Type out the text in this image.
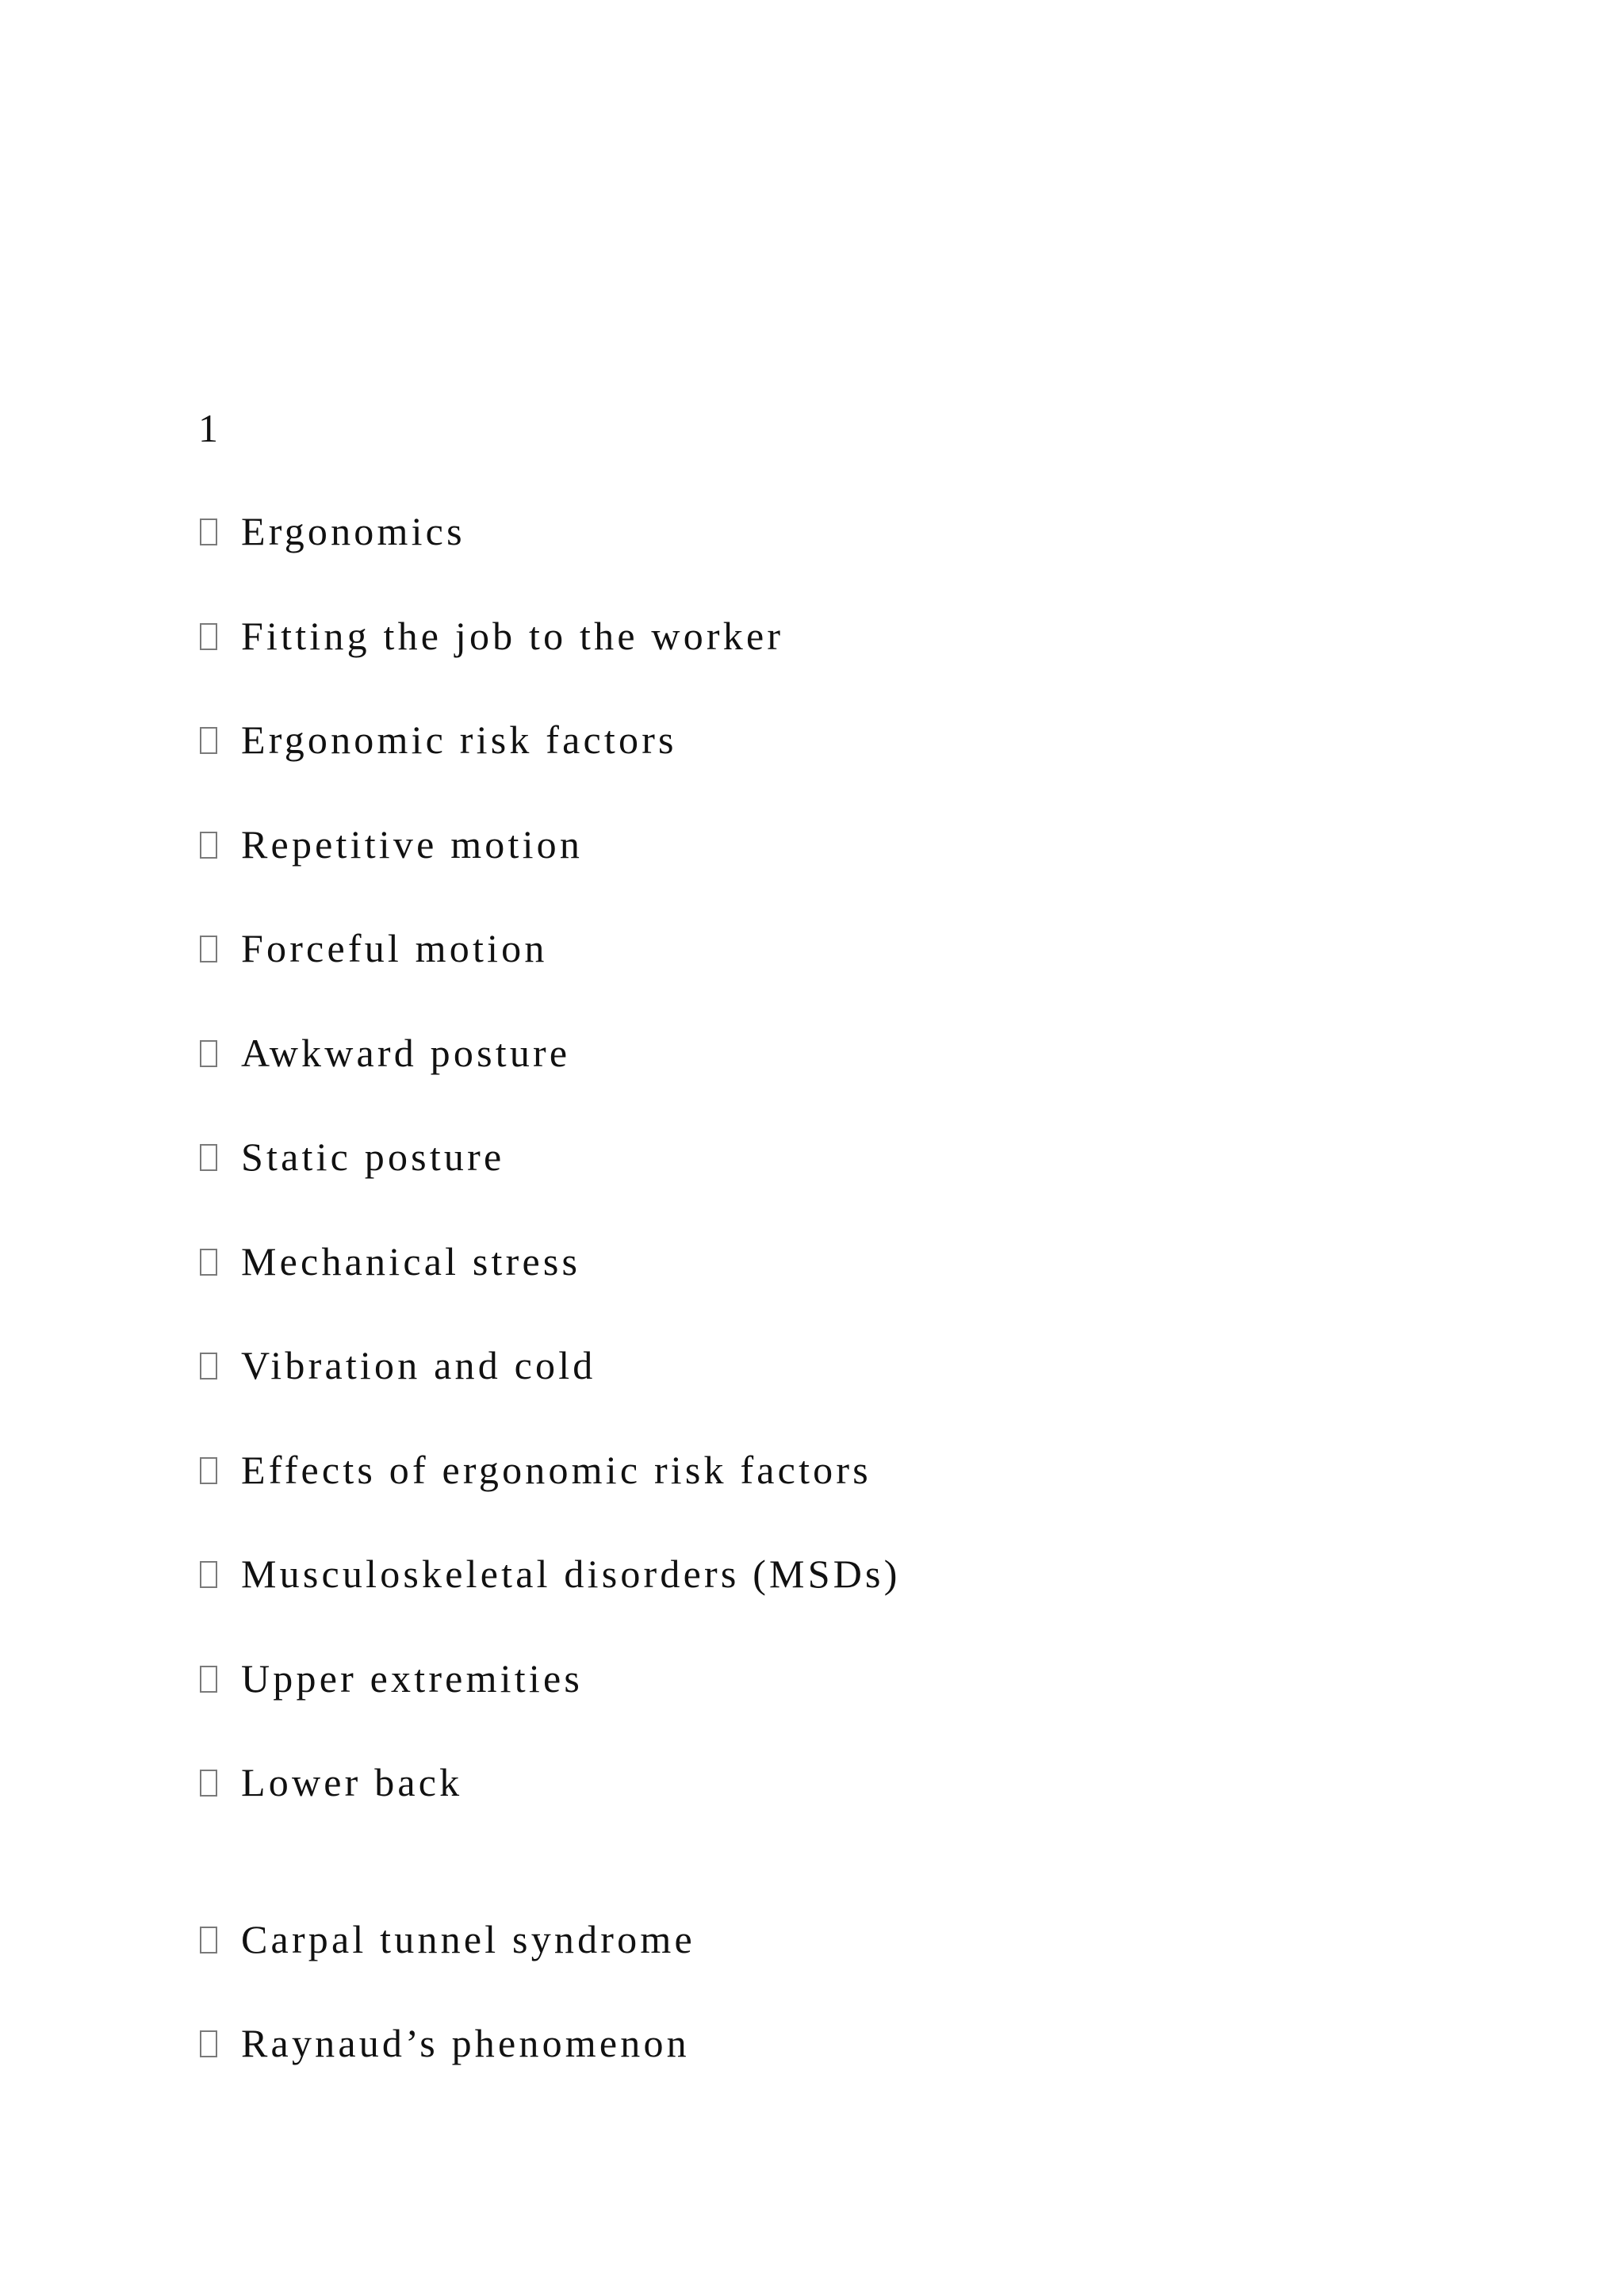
1
Ergonomics
Fitting the job to the worker
Ergonomic risk factors
Repetitive motion
Forceful motion
Awkward posture
Static posture
Mechanical stress
Vibration and cold
Effects of ergonomic risk factors
Musculoskeletal disorders (MSDs)
Upper extremities
Lower back
Carpal tunnel syndrome
Raynaud’s phenomenon
